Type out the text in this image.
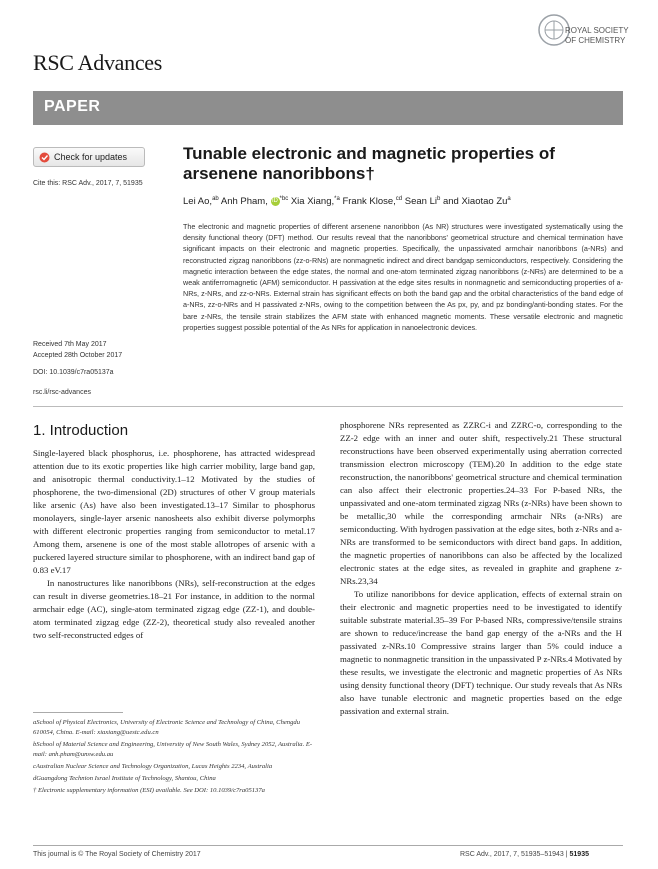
RSC Advances
ROYAL SOCIETY
OF CHEMISTRY
PAPER
Check for updates
Cite this: RSC Adv., 2017, 7, 51935
Tunable electronic and magnetic properties of arsenene nanoribbons†
Lei Ao,$^{ab}$ Anh Pham, iD $^{*bc}$ Xia Xiang,$^{*a}$ Frank Klose,$^{cd}$ Sean Li$^b$ and Xiaotao Zu$^a$
The electronic and magnetic properties of different arsenene nanoribbon (As NR) structures were investigated systematically using the density functional theory (DFT) method. Our results reveal that the nanoribbons' geometrical structure and chemical termination have significant impacts on their electronic and magnetic properties. Specifically, the unpassivated armchair nanoribbons (a-NRs) and reconstructed zigzag nanoribbons (zz-o-RNs) are nonmagnetic indirect and direct bandgap semiconductors, respectively. Considering the magnetic interaction between the edge states, the normal and one-atom terminated zigzag nanoribbons (z-NRs) are determined to be a weak antiferromagnetic (AFM) semiconductor. H passivation at the edge sites results in nonmagnetic and semiconducting properties of a-NRs, z-NRs, and zz-o-NRs. External strain has significant effects on both the band gap and the orbital characteristics of the band edge of a-NRs, zz-o-NRs and H passivated z-NRs, owing to the competition between the As px, py, and pz bonding/anti-bonding states. For the bare z-NRs, the tensile strain stabilizes the AFM state with enhanced magnetic moments. These versatile electronic and magnetic properties suggest possible potential of the As NRs for application in nanoelectronic devices.
Received 7th May 2017
Accepted 28th October 2017
DOI: 10.1039/c7ra05137a
rsc.li/rsc-advances
1. Introduction

Single-layered black phosphorus, i.e. phosphorene, has attracted widespread attention due to its exotic properties like high carrier mobility, large band gap, and anisotropic thermal conductivity.1–12 Motivated by the studies of phosphorene, the two-dimensional (2D) structures of other V group materials like arsenic (As) have also been investigated.13–17 Similar to phosphorus monolayers, single-layer arsenic nanosheets also exhibit diverse polymorphs with different electronic properties ranging from semiconductor to metal.17 Among them, arsenene is one of the most stable allotropes of arsenic with a puckered layered structure similar to phosphorene, with an indirect band gap of 0.83 eV.17

In nanostructures like nanoribbons (NRs), self-reconstruction at the edges can result in diverse geometries.18–21 For instance, in addition to the normal armchair edge (AC), single-atom terminated zigzag edge (ZZ-1), and double-atom terminated zigzag edge (ZZ-2), theoretical study also revealed another two self-reconstructed edges of

phosphorene NRs represented as ZZRC-i and ZZRC-o, corresponding to the ZZ-2 edge with an inner and outer shift, respectively.21 These structural reconstructions have been observed experimentally using aberration corrected transmission electron microscopy (TEM).20 In addition to the edge state reconstruction, the nanoribbons' geometrical structure and chemical termination can also affect their electronic properties.24–33 For P-based NRs, the unpassivated and one-atom terminated zigzag NRs (z-NRs) have been shown to be metallic,30 while the corresponding armchair NRs (a-NRs) are semiconducting. With hydrogen passivation at the edge sites, both z-NRs and a-NRs are transformed to be semiconductors with direct band gaps. In addition, the magnetic properties of nanoribbons can also be affected by the localized electronic states at the edge sites, as revealed in graphite and graphene z-NRs.23,34

To utilize nanoribbons for device application, effects of external strain on their electronic and magnetic properties need to be investigated to identify suitable substrate material.35–39 For P-based NRs, compressive/tensile strains are shown to reduce/increase the band gap energy of the a-NRs and the H passivated z-NRs.10 Compressive strains larger than 5% could induce a magnetic to nonmagnetic transition in the unpassivated P z-NRs.4 Motivated by these results, we investigate the electronic and magnetic properties of As NRs using density functional theory (DFT) technique. Our study reveals that As NRs also have tunable electronic and magnetic properties based on the edge passivation and external strain.

aSchool of Physical Electronics, University of Electronic Science and Technology of China, Chengdu 610054, China. E-mail: xiaxiang@uestc.edu.cn
bSchool of Material Science and Engineering, University of New South Wales, Sydney 2052, Australia. E-mail: anh.pham@unsw.edu.au
cAustralian Nuclear Science and Technology Organization, Lucas Heights 2234, Australia
dGuangdong Technion Israel Institute of Technology, Shantou, China
† Electronic supplementary information (ESI) available. See DOI: 10.1039/c7ra05137a
This journal is © The Royal Society of Chemistry 2017	RSC Adv., 2017, 7, 51935–51943 | 51935
